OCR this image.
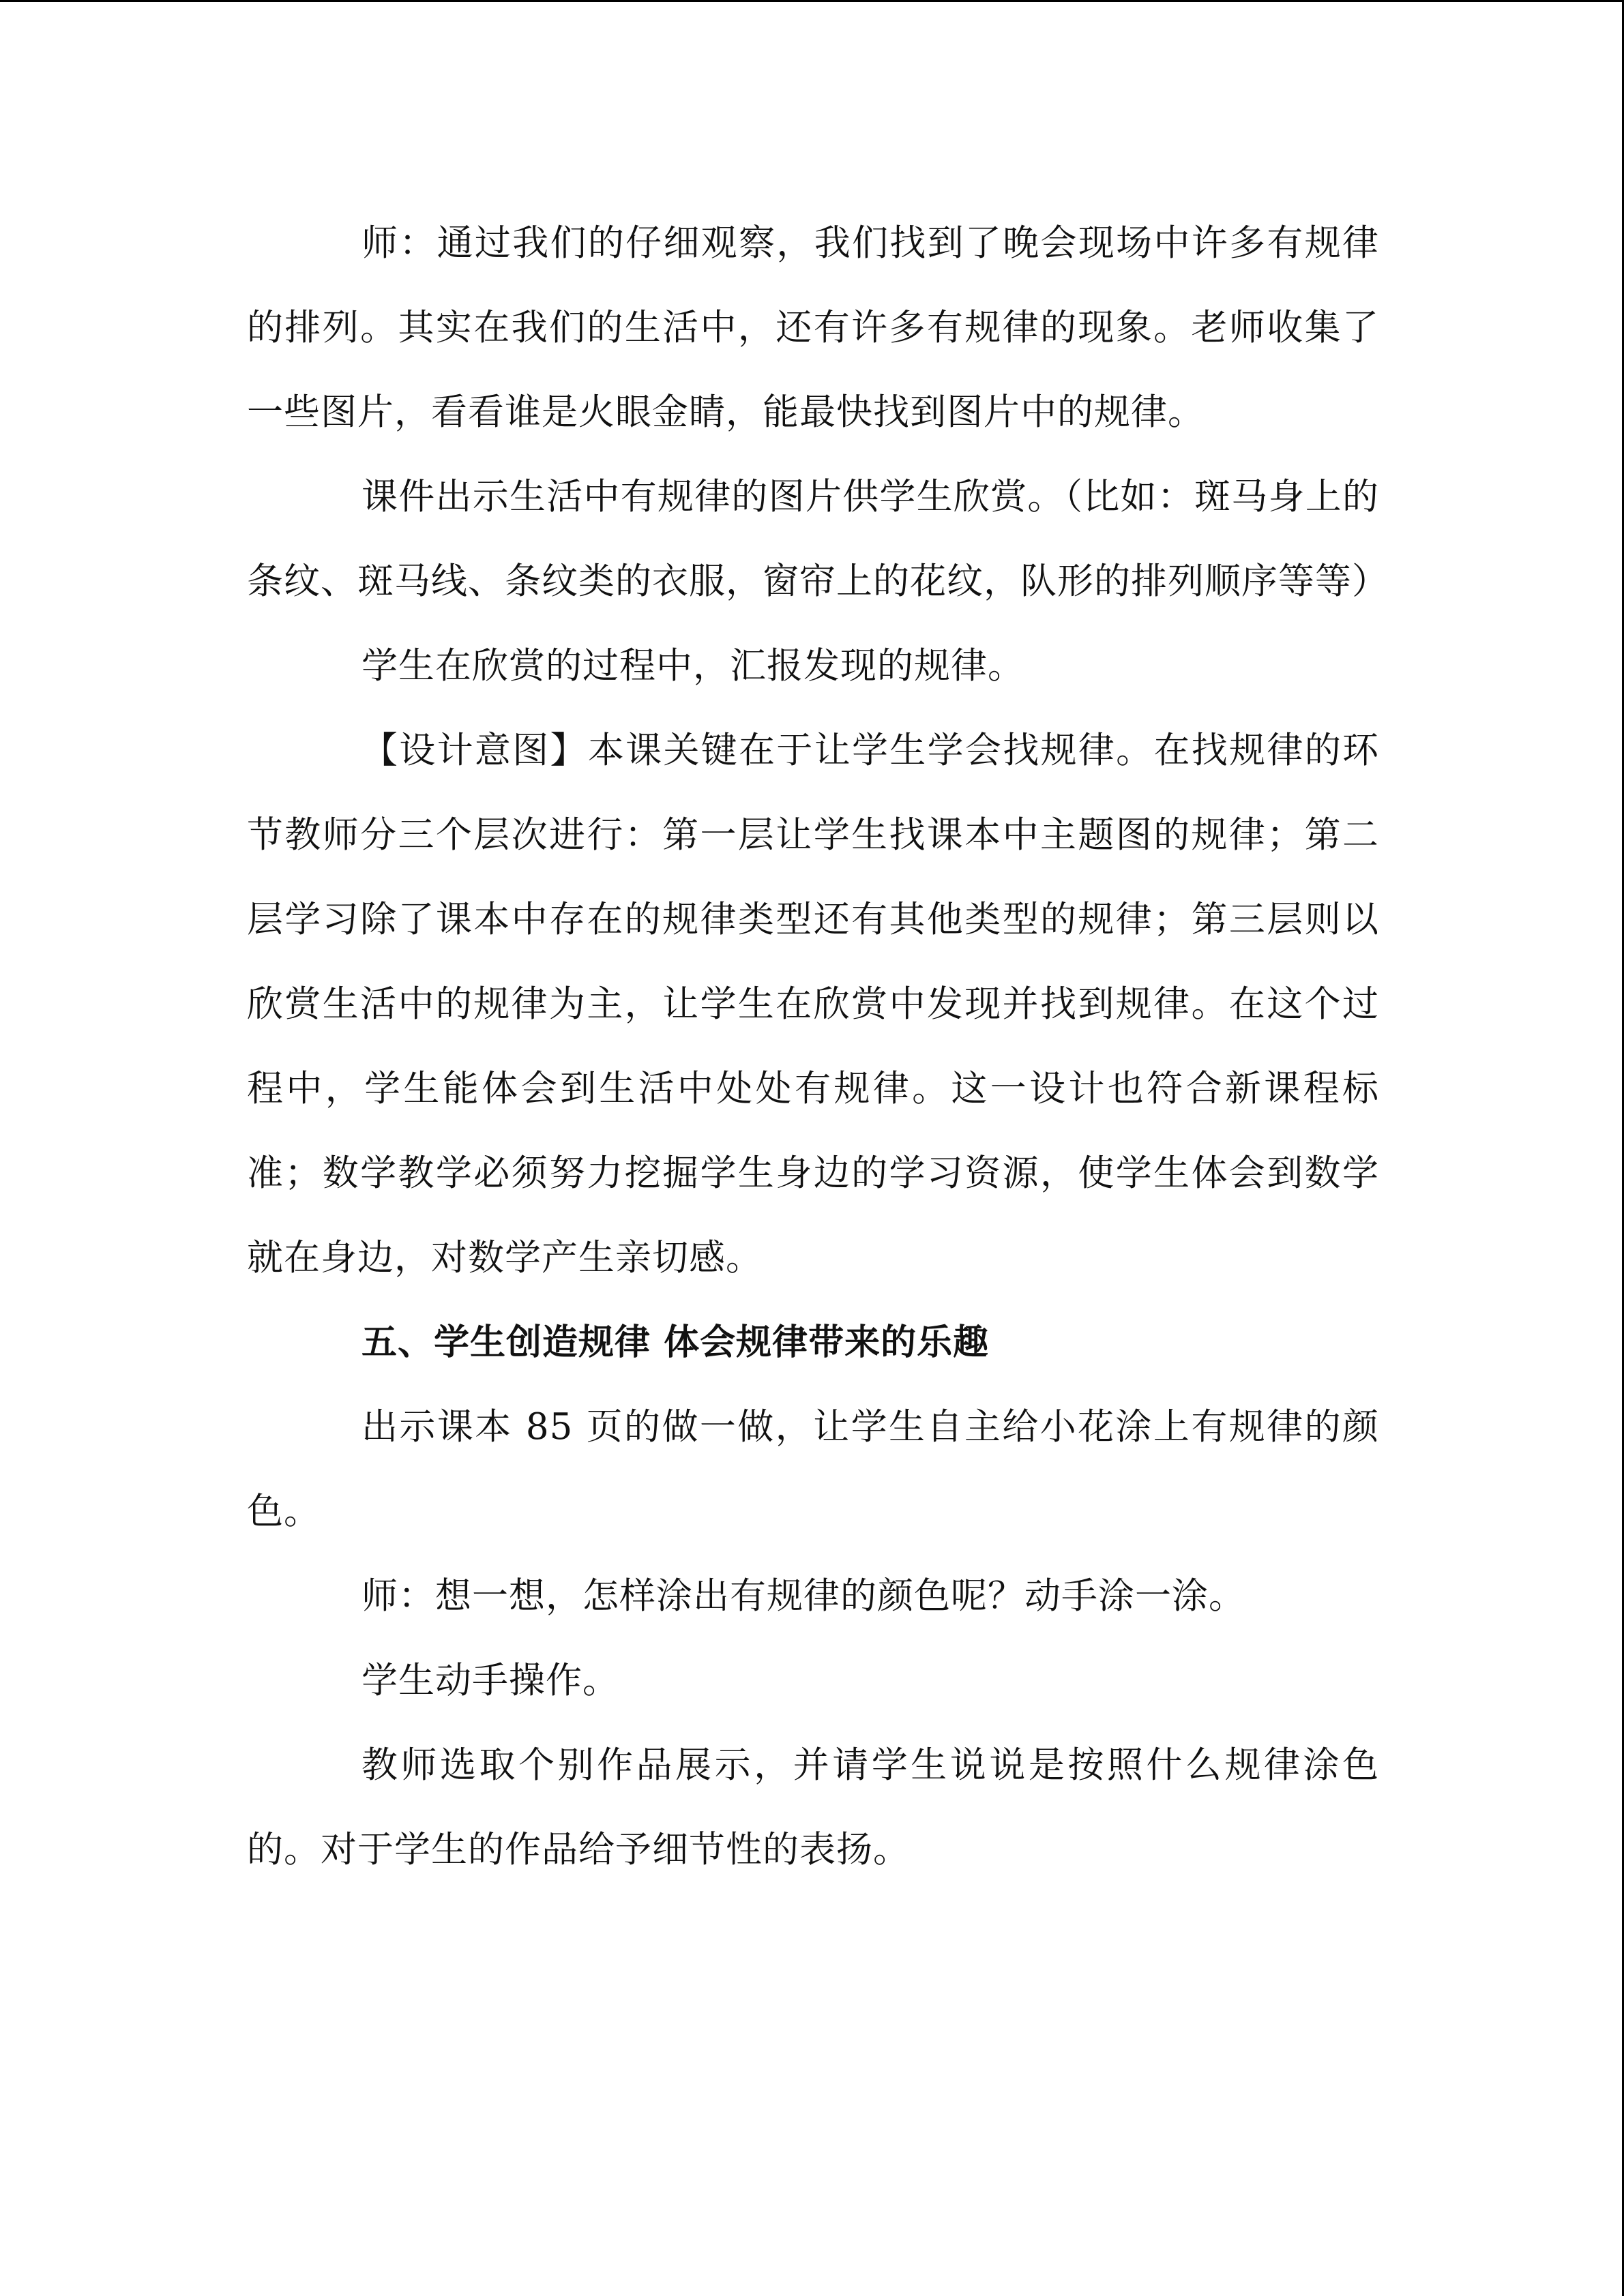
师：通过我们的仔细观察，我们找到了晚会现场中许多有规律的排列。其实在我们的生活中，还有许多有规律的现象。老师收集了一些图片，看看谁是火眼金睛，能最快找到图片中的规律。

课件出示生活中有规律的图片供学生欣赏。（比如：斑马身上的条纹、斑马线、条纹类的衣服，窗帘上的花纹，队形的排列顺序等等）

学生在欣赏的过程中，汇报发现的规律。

【设计意图】本课关键在于让学生学会找规律。在找规律的环节教师分三个层次进行：第一层让学生找课本中主题图的规律；第二层学习除了课本中存在的规律类型还有其他类型的规律；第三层则以欣赏生活中的规律为主，让学生在欣赏中发现并找到规律。在这个过程中，学生能体会到生活中处处有规律。这一设计也符合新课程标准；数学教学必须努力挖掘学生身边的学习资源，使学生体会到数学就在身边，对数学产生亲切感。

五、学生创造规律 体会规律带来的乐趣

出示课本 85 页的做一做，让学生自主给小花涂上有规律的颜色。

师：想一想，怎样涂出有规律的颜色呢？动手涂一涂。

学生动手操作。

教师选取个别作品展示，并请学生说说是按照什么规律涂色的。对于学生的作品给予细节性的表扬。
